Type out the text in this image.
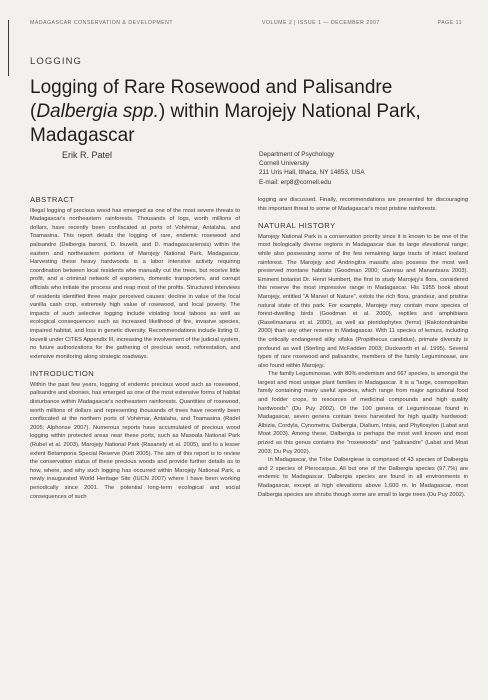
MADAGASCAR CONSERVATION & DEVELOPMENT	VOLUME 2 | ISSUE 1 — DECEMBER 2007	PAGE 11
LOGGING
Logging of Rare Rosewood and Palisandre (Dalbergia spp.) within Marojejy National Park, Madagascar
Erik R. Patel	Department of Psychology
Cornell University
211 Uris Hall, Ithaca, NY 14853, USA
E-mail: erp8@cornell.edu
ABSTRACT

Illegal logging of precious wood has emerged as one of the most severe threats to Madagascar's northeastern rainforests. Thousands of logs, worth millions of dollars, have recently been confiscated at ports of Vohémar, Antalaha, and Toamasina. This report details the logging of rare, endemic rosewood and palisandre (Dalbergia baronii, D. louvelii, and D. madagascariensis) within the eastern and northeastern portions of Marojejy National Park, Madagascar. Harvesting these heavy hardwoods is a labor intensive activity requiring coordination between local residents who manually cut the trees, but receive little profit, and a criminal network of exporters, domestic transporters, and corrupt officials who initiate the process and reap most of the profits. Structured interviews of residents identified three major perceived causes: decline in value of the local vanilla cash crop, extremely high value of rosewood, and local poverty. The impacts of such selective logging include violating local taboos as well as ecological consequences such as increased likelihood of fire, invasive species, impaired habitat, and loss in genetic diversity. Recommendations include listing D. louvelii under CITES Appendix III, increasing the involvement of the judicial system, no future authorizations for the gathering of precious wood, reforestation, and extensive monitoring along strategic roadways.

INTRODUCTION

Within the past few years, logging of endemic precious wood such as rosewood, palisandre and ebonies, has emerged as one of the most extensive forms of habitat disturbance within Madagascar's northeastern rainforests. Quantities of rosewood, worth millions of dollars and representing thousands of trees have recently been confiscated at the northern ports of Vohémar, Antalaha, and Toamasina (Radel 2005; Alphonse 2007). Numerous reports have accumulated of precious wood logging within protected areas near these ports, such as Masoala National Park (Rubel et al. 2003), Marojejy National Park (Rasanely et al. 2005), and to a lesser extent Betampona Special Reserve (Kett 2005). The aim of this report is to review the conservation status of these precious woods and provide further details as to how, where, and why such logging has occurred within Marojejy National Park, a newly inaugurated World Heritage Site (IUCN 2007) where I have been working periodically since 2001. The potential long-term ecological and social consequences of such

logging are discussed. Finally, recommendations are presented for discouraging this important threat to some of Madagascar's most pristine rainforests.

NATURAL HISTORY

Marojejy National Park is a conservation priority since it is known to be one of the most biologically diverse regions in Madagascar due its large elevational range; while also possessing some of the few remaining large tracts of intact lowland rainforest. The Marojejy and Andringitra massifs also possess the most well preserved montane habitats (Goodman 2000; Garreau and Manantsara 2003). Eminent botanist Dr. Henri Humbert, the first to study Marojejy's flora, considered this reserve the most impressive range in Madagascar. His 1955 book about Marojejy, entitled "A Marvel of Nature", extols the rich flora, grandeur, and pristine natural state of this park. For example, Marojejy may contain more species of forest-dwelling birds (Goodman et al. 2000), reptiles and amphibians (Raselimanana et al. 2000), as well as pteridophytes (ferns) (Rakotondrainibe 2000) than any other reserve in Madagascar. With 11 species of lemurs, including the critically endangered silky sifaka (Propithecus candidus), primate diversity is profound as well (Sterling and McFadden 2003; Duckworth et al. 1995). Several types of rare rosewood and palisandre, members of the family Leguminosae, are also found within Marojejy.

The family Leguminosae, with 80% endemism and 667 species, is amongst the largest and most unique plant families in Madagascar. It is a "large, cosmopolitan family containing many useful species, which range from major agricultural food and fodder crops, to resources of medicinal compounds and high quality hardwoods" (Du Puy 2002). Of the 100 genera of Leguminosae found in Madagascar, seven genera contain trees harvested for high quality hardwood: Albizia, Cordyla, Cynometra, Dalbergia, Dialium, Intsia, and Phylloxylon (Labat and Moat 2003). Among these, Dalbergia is perhaps the most well known and most prized as this genus contains the "rosewoods" and "palisandre" (Labat and Moat 2003; Du Puy 2002).

In Madagascar, the Tribe Dalbergieae is comprised of 43 species of Dalbergia and 2 species of Pterocarpus. All but one of the Dalbergia species (97.7%) are endemic to Madagascar. Dalbergia species are found in all environments in Madagascar, except at high elevations above 1,600 m. In Madagascar, most Dalbergia species are shrubs though some are small to large trees (Du Puy 2002).
